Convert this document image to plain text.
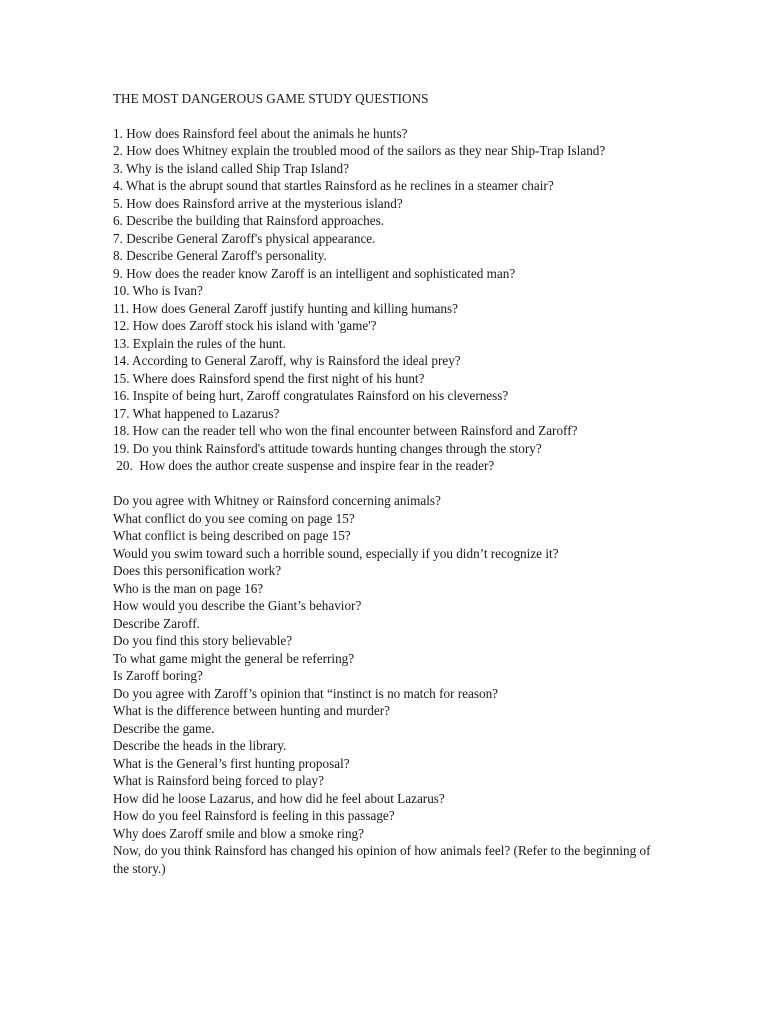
THE MOST DANGEROUS GAME STUDY QUESTIONS
1. How does Rainsford feel about the animals he hunts?
2. How does Whitney explain the troubled mood of the sailors as they near Ship-Trap Island?
3. Why is the island called Ship Trap Island?
4. What is the abrupt sound that startles Rainsford as he reclines in a steamer chair?
5. How does Rainsford arrive at the mysterious island?
6. Describe the building that Rainsford approaches.
7. Describe General Zaroff's physical appearance.
8. Describe General Zaroff's personality.
9. How does the reader know Zaroff is an intelligent and sophisticated man?
10. Who is Ivan?
11. How does General Zaroff justify hunting and killing humans?
12. How does Zaroff stock his island with 'game'?
13. Explain the rules of the hunt.
14. According to General Zaroff, why is Rainsford the ideal prey?
15. Where does Rainsford spend the first night of his hunt?
16. Inspite of being hurt, Zaroff congratulates Rainsford on his cleverness?
17. What happened to Lazarus?
18. How can the reader tell who won the final encounter between Rainsford and Zaroff?
19. Do you think Rainsford's attitude towards hunting changes through the story?
20.  How does the author create suspense and inspire fear in the reader?
Do you agree with Whitney or Rainsford concerning animals?
What conflict do you see coming on page 15?
What conflict is being described on page 15?
Would you swim toward such a horrible sound, especially if you didn’t recognize it?
Does this personification work?
Who is the man on page 16?
How would you describe the Giant’s behavior?
Describe Zaroff.
Do you find this story believable?
To what game might the general be referring?
Is Zaroff boring?
Do you agree with Zaroff’s opinion that “instinct is no match for reason?
What is the difference between hunting and murder?
Describe the game.
Describe the heads in the library.
What is the General’s first hunting proposal?
What is Rainsford being forced to play?
How did he loose Lazarus, and how did he feel about Lazarus?
How do you feel Rainsford is feeling in this passage?
Why does Zaroff smile and blow a smoke ring?
Now, do you think Rainsford has changed his opinion of how animals feel? (Refer to the beginning of the story.)
